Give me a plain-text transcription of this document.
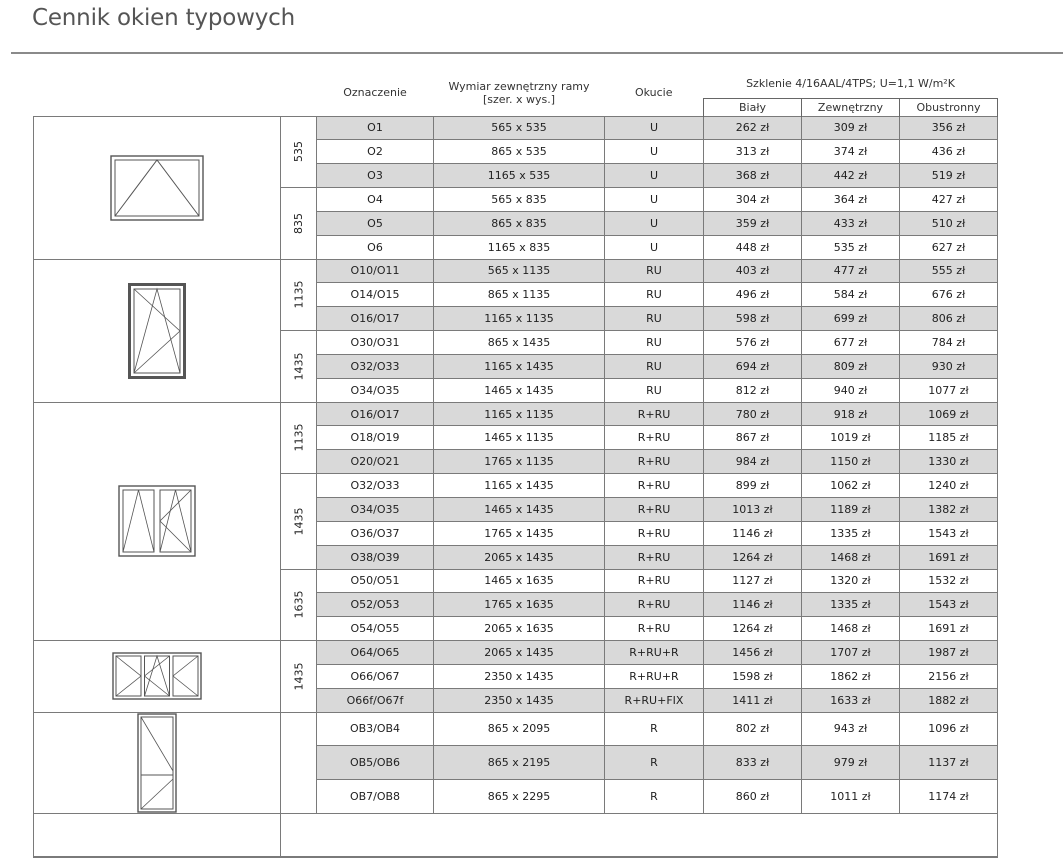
Cennik okien typowych
		Oznaczenie	Wymiar zewnętrzny ramy [szer. x wys.]	Okucie	Szklenie 4/16AAL/4TPS; U=1,1 W/m²K		
					Biały	Zewnętrzny	Obustronny

	535	O1	565 x 535	U	262 zł	309 zł	356 zł
		O2	865 x 535	U	313 zł	374 zł	436 zł
		O3	1165 x 535	U	368 zł	442 zł	519 zł
	835	O4	565 x 835	U	304 zł	364 zł	427 zł
		O5	865 x 835	U	359 zł	433 zł	510 zł
		O6	1165 x 835	U	448 zł	535 zł	627 zł

	1135	O10/O11	565 x 1135	RU	403 zł	477 zł	555 zł
		O14/O15	865 x 1135	RU	496 zł	584 zł	676 zł
		O16/O17	1165 x 1135	RU	598 zł	699 zł	806 zł
	1435	O30/O31	865 x 1435	RU	576 zł	677 zł	784 zł
		O32/O33	1165 x 1435	RU	694 zł	809 zł	930 zł
		O34/O35	1465 x 1435	RU	812 zł	940 zł	1077 zł

	1135	O16/O17	1165 x 1135	R+RU	780 zł	918 zł	1069 zł
		O18/O19	1465 x 1135	R+RU	867 zł	1019 zł	1185 zł
		O20/O21	1765 x 1135	R+RU	984 zł	1150 zł	1330 zł
	1435	O32/O33	1165 x 1435	R+RU	899 zł	1062 zł	1240 zł
		O34/O35	1465 x 1435	R+RU	1013 zł	1189 zł	1382 zł
		O36/O37	1765 x 1435	R+RU	1146 zł	1335 zł	1543 zł
		O38/O39	2065 x 1435	R+RU	1264 zł	1468 zł	1691 zł
	1635	O50/O51	1465 x 1635	R+RU	1127 zł	1320 zł	1532 zł
		O52/O53	1765 x 1635	R+RU	1146 zł	1335 zł	1543 zł
		O54/O55	2065 x 1635	R+RU	1264 zł	1468 zł	1691 zł

	1435	O64/O65	2065 x 1435	R+RU+R	1456 zł	1707 zł	1987 zł
		O66/O67	2350 x 1435	R+RU+R	1598 zł	1862 zł	2156 zł
		O66f/O67f	2350 x 1435	R+RU+FIX	1411 zł	1633 zł	1882 zł

		OB3/OB4	865 x 2095	R	802 zł	943 zł	1096 zł
		OB5/OB6	865 x 2195	R	833 zł	979 zł	1137 zł
		OB7/OB8	865 x 2295	R	860 zł	1011 zł	1174 zł
